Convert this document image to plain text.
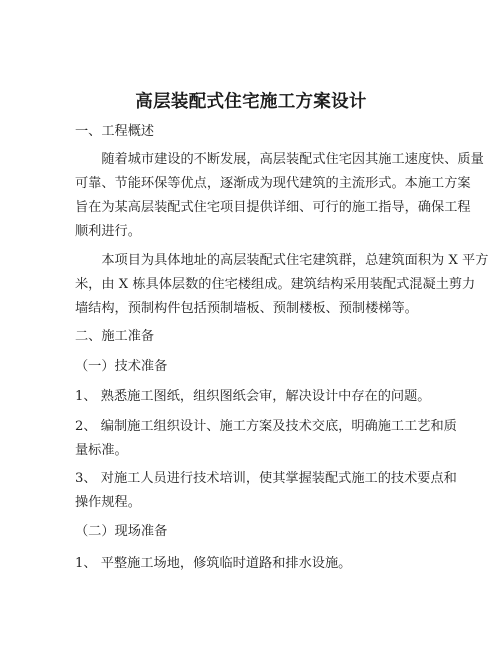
高层装配式住宅施工方案设计

一、工程概述

　　随着城市建设的不断发展，高层装配式住宅因其施工速度快、质量
可靠、节能环保等优点，逐渐成为现代建筑的主流形式。本施工方案
旨在为某高层装配式住宅项目提供详细、可行的施工指导，确保工程
顺利进行。

　　本项目为具体地址的高层装配式住宅建筑群，总建筑面积为 X 平方
米，由 X 栋具体层数的住宅楼组成。建筑结构采用装配式混凝土剪力
墙结构，预制构件包括预制墙板、预制楼板、预制楼梯等。

二、施工准备

（一）技术准备

1、 熟悉施工图纸，组织图纸会审，解决设计中存在的问题。

2、 编制施工组织设计、施工方案及技术交底，明确施工工艺和质
量标准。

3、 对施工人员进行技术培训，使其掌握装配式施工的技术要点和
操作规程。

（二）现场准备

1、 平整施工场地，修筑临时道路和排水设施。
